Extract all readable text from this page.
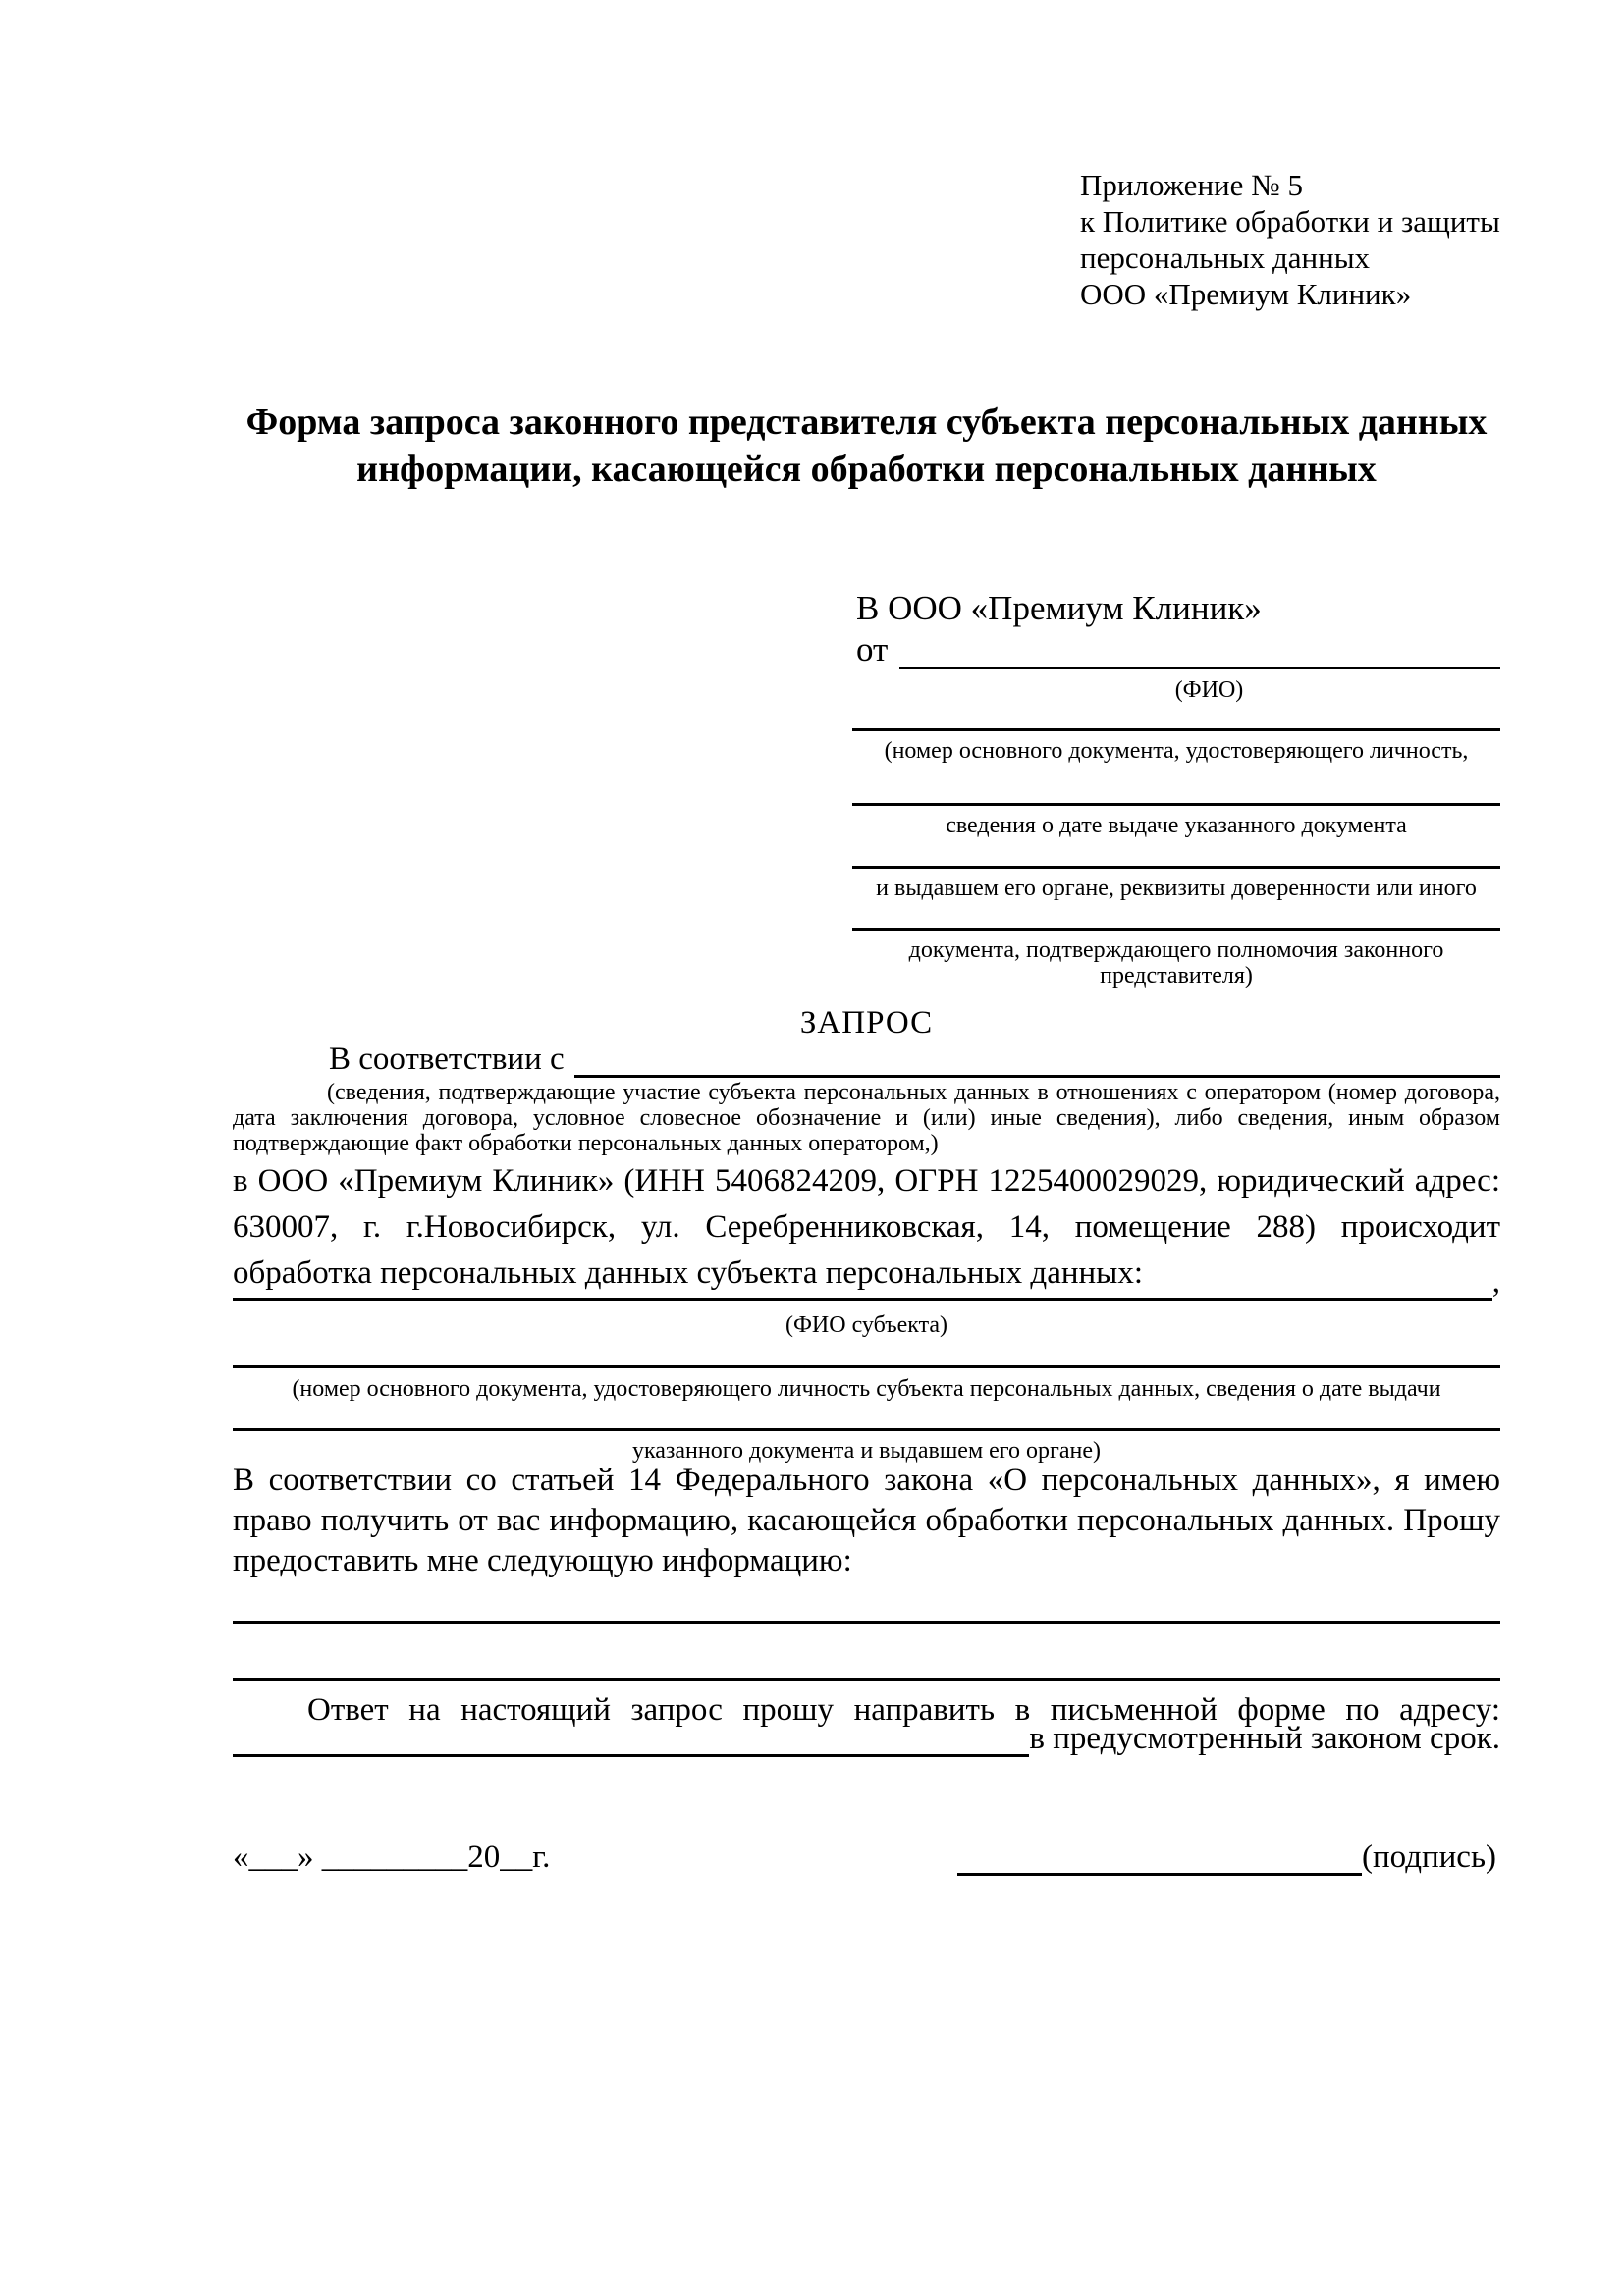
Приложение № 5
к Политике обработки и защиты
персональных данных
ООО «Премиум Клиник»
Форма запроса законного представителя субъекта персональных данных
информации, касающейся обработки персональных данных
В ООО «Премиум Клиник»
от
(ФИО)
(номер основного документа, удостоверяющего личность,
сведения о дате выдаче указанного документа
и выдавшем его органе, реквизиты доверенности или иного
документа, подтверждающего полномочия законного представителя)
ЗАПРОС
В соответствии с
(сведения, подтверждающие участие субъекта персональных данных в отношениях с оператором (номер договора, дата заключения договора, условное словесное обозначение и (или) иные сведения), либо сведения, иным образом подтверждающие факт обработки персональных данных оператором,)
в ООО «Премиум Клиник» (ИНН 5406824209, ОГРН 1225400029029, юридический адрес: 630007, г. г.Новосибирск, ул. Серебренниковская, 14, помещение 288) происходит обработка персональных данных субъекта персональных данных:	,
(ФИО субъекта)
(номер основного документа, удостоверяющего личность субъекта персональных данных, сведения о дате выдачи
указанного документа и выдавшем его органе)
В соответствии со статьей 14 Федерального закона «О персональных данных», я имею право получить от вас информацию, касающейся обработки персональных данных. Прошу предоставить мне следующую информацию:
Ответ на настоящий запрос прошу направить в письменной форме по адресу:
в предусмотренный законом срок.
«___» _________20__г.	(подпись)
